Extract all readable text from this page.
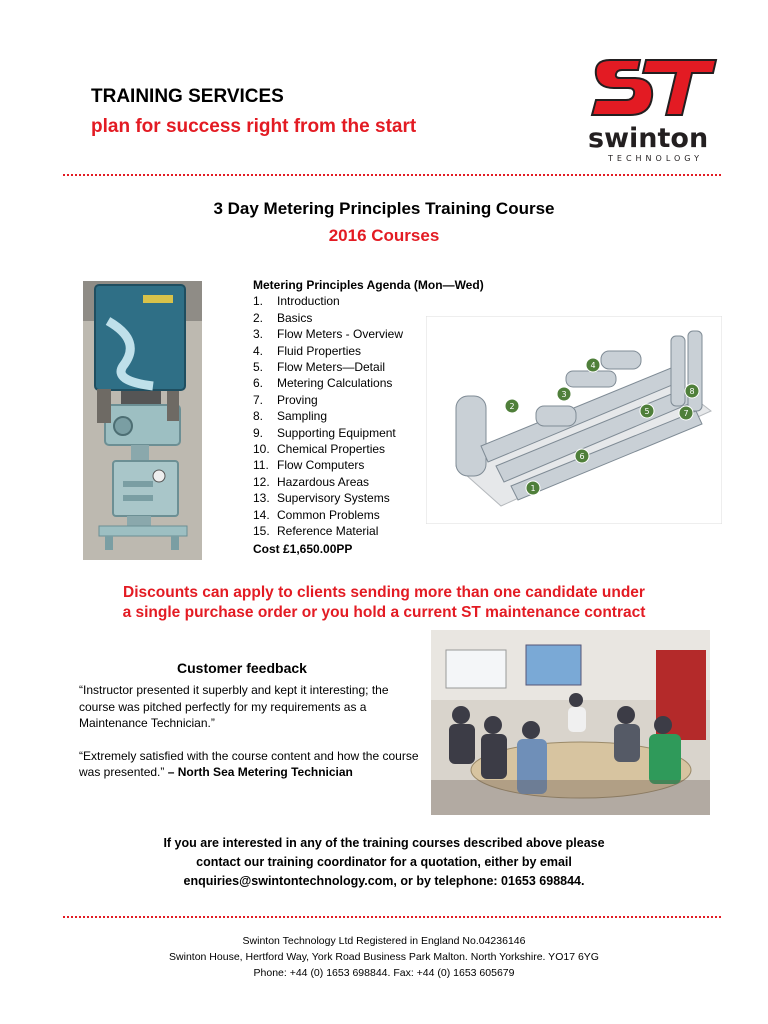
TRAINING SERVICES
plan for success right from the start	swinton
TECHNOLOGY
3 Day Metering Principles Training Course
2016 Courses
Metering Principles Agenda (Mon—Wed)
1.	Introduction
2.	Basics
3.	Flow Meters - Overview
4.	Fluid Properties
5.	Flow Meters—Detail
6.	Metering Calculations
7.	Proving
8.	Sampling
9.	Supporting Equipment
10. Chemical Properties
11. Flow Computers
12. Hazardous Areas
13. Supervisory Systems
14. Common Problems
15. Reference Material
Cost £1,650.00PP
1
2
3
4
5
6
7
8
Discounts can apply to clients sending more than one candidate under
a single purchase order or you hold a current ST maintenance contract
Customer feedback

“Instructor presented it superbly and kept it interesting; the course was pitched perfectly for my requirements as a Maintenance Technician.”

“Extremely satisfied with the course content and how the course was presented.” – North Sea Metering Technician

If you are interested in any of the training courses described above please
contact our training coordinator for a quotation, either by email
enquiries@swintontechnology.com, or by telephone: 01653 698844.
Swinton Technology Ltd Registered in England No.04236146
Swinton House, Hertford Way, York Road Business Park Malton. North Yorkshire. YO17 6YG
Phone: +44 (0) 1653 698844. Fax: +44 (0) 1653 605679
